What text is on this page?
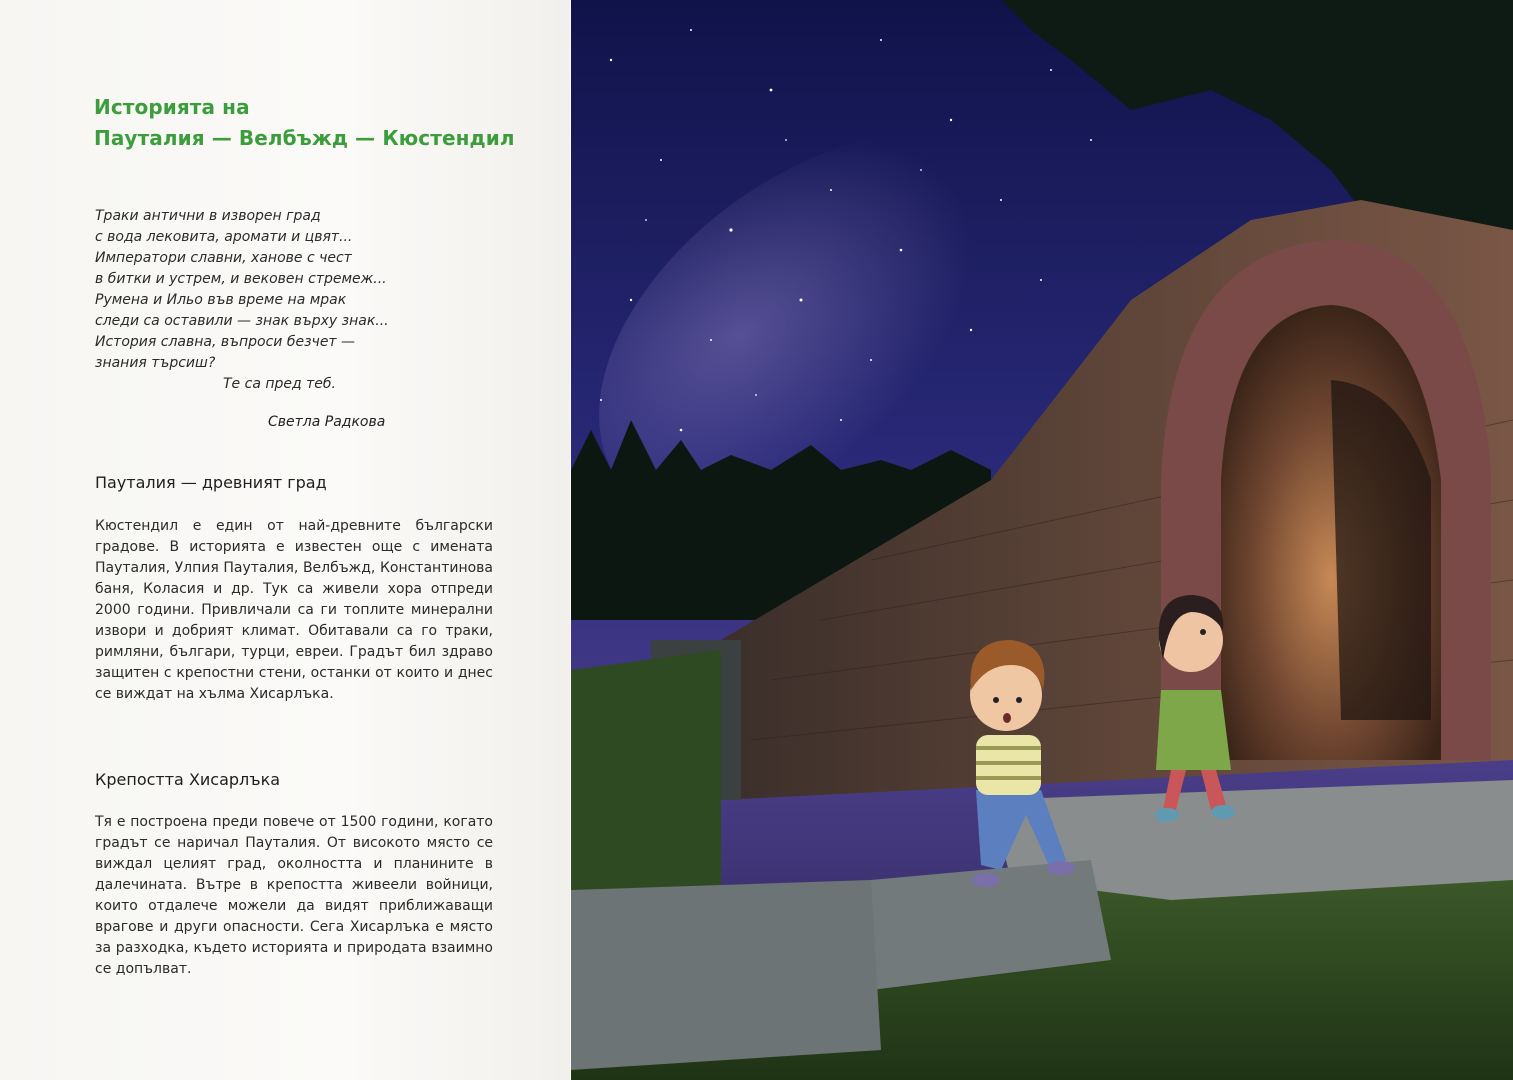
Историята на
Пауталия — Велбъжд — Кюстендил
Траки антични в изворен град
с вода лековита, аромати и цвят...
Императори славни, ханове с чест
в битки и устрем, и вековен стремеж...
Румена и Ильо във време на мрак
следи са оставили — знак върху знак...
История славна, въпроси безчет —
знания търсиш?
Те са пред теб.
Светла Радкова
Пауталия — древният град
Кюстендил е един от най-древните български градове. В историята е известен още с имената Пауталия, Улпия Пауталия, Велбъжд, Константинова баня, Коласия и др. Тук са живели хора отпреди 2000 години. Привличали са ги топлите минерални извори и добрият климат. Обитавали са го траки, римляни, българи, турци, евреи. Градът бил здраво защитен с крепостни стени, останки от които и днес се виждат на хълма Хисарлъка.
Крепостта Хисарлъка
Тя е построена преди повече от 1500 години, когато градът се наричал Пауталия. От високото място се виждал целият град, околността и планините в далечината. Вътре в крепостта живеели войници, които отдалече можели да видят приближаващи врагове и други опасности. Сега Хисарлъка е място за разходка, където историята и природата взаимно се допълват.
